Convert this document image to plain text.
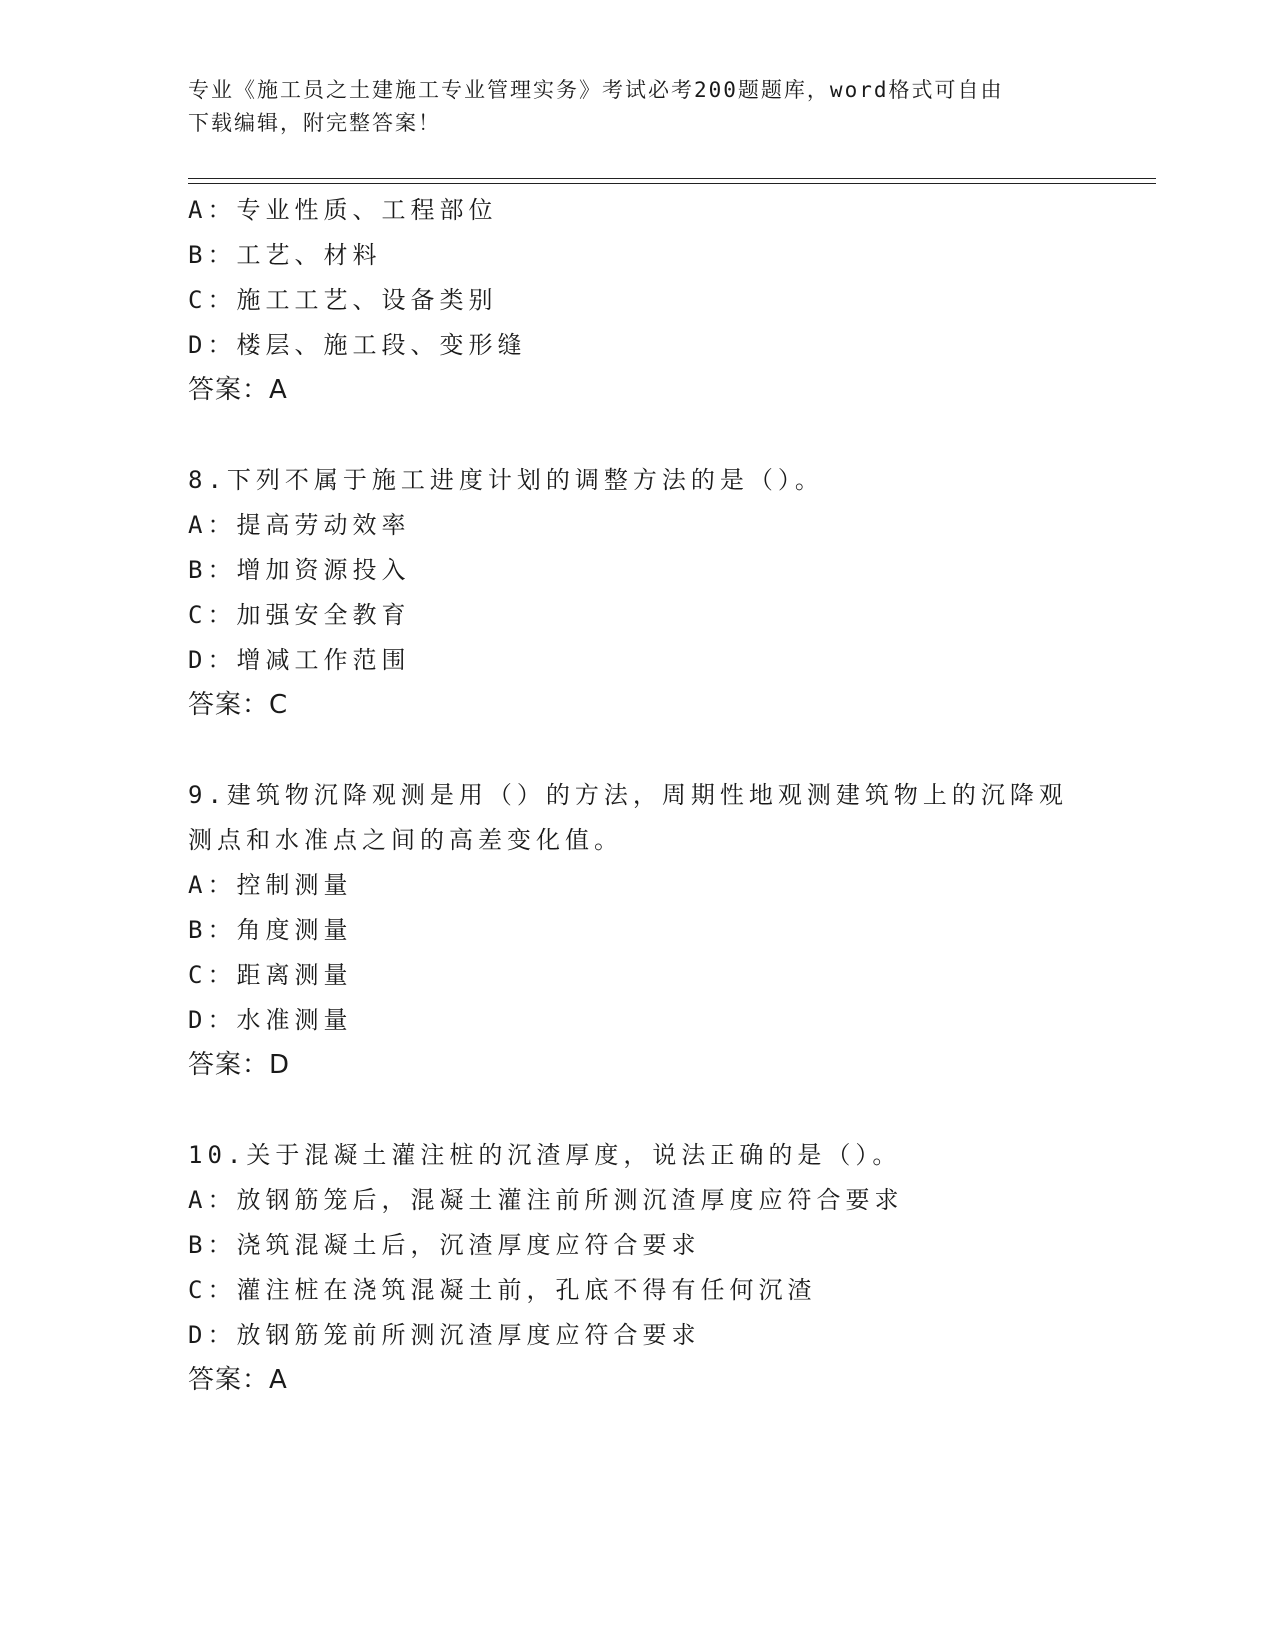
专业《施工员之土建施工专业管理实务》考试必考200题题库，word格式可自由
下载编辑，附完整答案！
A：专业性质、工程部位
B：工艺、材料
C：施工工艺、设备类别
D：楼层、施工段、变形缝
答案：A
8.下列不属于施工进度计划的调整方法的是（）。
A：提高劳动效率
B：增加资源投入
C：加强安全教育
D：增减工作范围
答案：C
9.建筑物沉降观测是用（）的方法，周期性地观测建筑物上的沉降观
测点和水准点之间的高差变化值。
A：控制测量
B：角度测量
C：距离测量
D：水准测量
答案：D
10.关于混凝土灌注桩的沉渣厚度，说法正确的是（）。
A：放钢筋笼后，混凝土灌注前所测沉渣厚度应符合要求
B：浇筑混凝土后，沉渣厚度应符合要求
C：灌注桩在浇筑混凝土前，孔底不得有任何沉渣
D：放钢筋笼前所测沉渣厚度应符合要求
答案：A
